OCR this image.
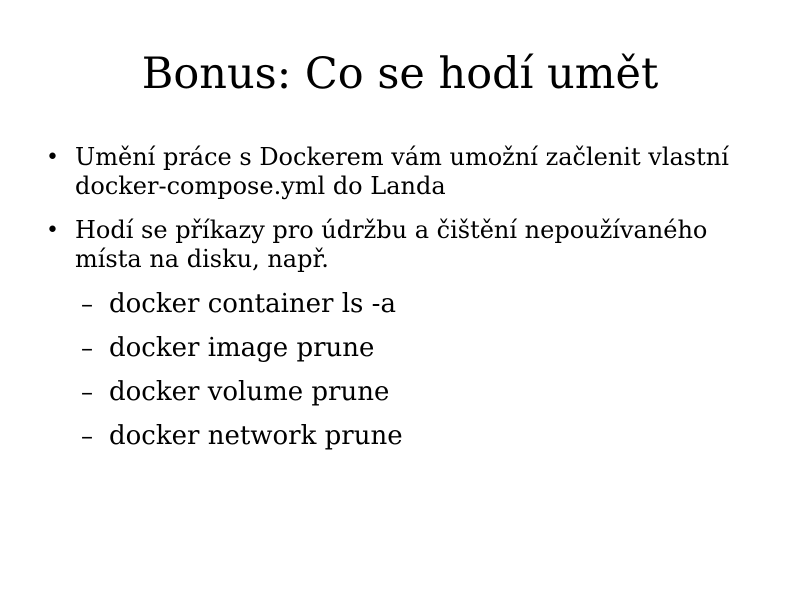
Bonus: Co se hodí umět
• Umění práce s Dockerem vám umožní začlenit vlastní docker-compose.yml do Landa
• Hodí se příkazy pro údržbu a čištění nepoužívaného místa na disku, např.
– docker container ls -a
– docker image prune
– docker volume prune
– docker network prune
